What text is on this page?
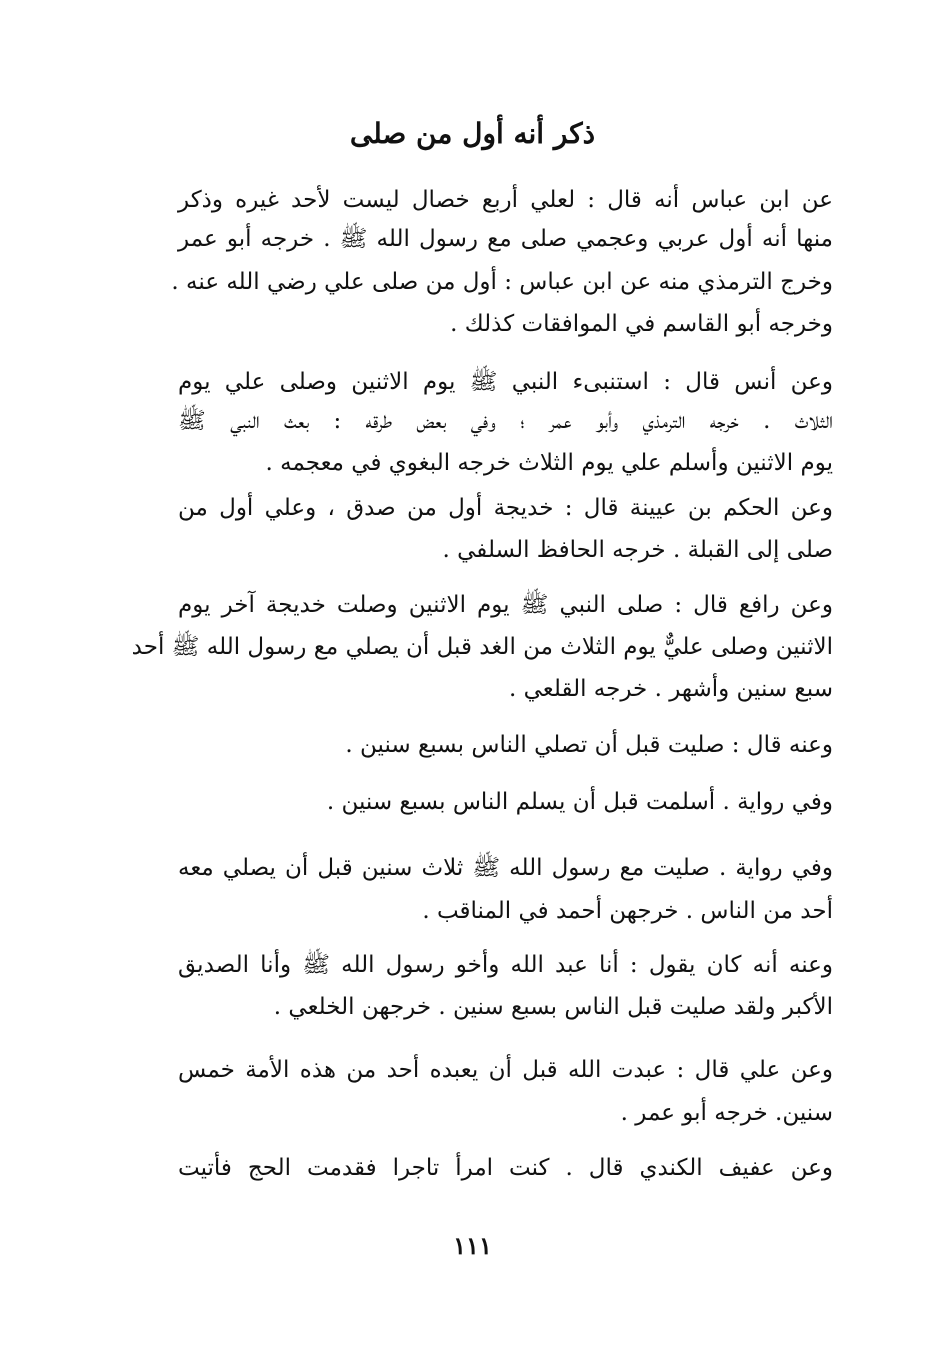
ذكر أنه أول من صلى

عن ابن عباس أنه قال : لعلي أربع خصال ليست لأحد غيره وذكر

منها أنه أول عربي وعجمي صلى مع رسول الله ﷺ . خرجه أبو عمر

وخرج الترمذي منه عن ابن عباس : أول من صلى علي رضي الله عنه .

وخرجه أبو القاسم في الموافقات كذلك .

وعن أنس قال : استنبىء النبي ﷺ يوم الاثنين وصلى علي يوم

الثلاث . خرجه الترمذي وأبو عمر ؛ وفي بعض طرقه : بعث النبي ﷺ

يوم الاثنين وأسلم علي يوم الثلاث خرجه البغوي في معجمه .

وعن الحكم بن عيينة قال : خديجة أول من صدق ، وعلي أول من

صلى إلى القبلة . خرجه الحافظ السلفي .

وعن رافع قال : صلى النبي ﷺ يوم الاثنين وصلت خديجة آخر يوم

الاثنين وصلى عليٌّ يوم الثلاث من الغد قبل أن يصلي مع رسول الله ﷺ أحد

سبع سنين وأشهر . خرجه القلعي .

وعنه قال : صليت قبل أن تصلي الناس بسبع سنين .

وفي رواية . أسلمت قبل أن يسلم الناس بسبع سنين .

وفي رواية . صليت مع رسول الله ﷺ ثلاث سنين قبل أن يصلي معه

أحد من الناس . خرجهن أحمد في المناقب .

وعنه أنه كان يقول : أنا عبد الله وأخو رسول الله ﷺ وأنا الصديق

الأكبر ولقد صليت قبل الناس بسبع سنين . خرجهن الخلعي .

وعن علي قال : عبدت الله قبل أن يعبده أحد من هذه الأمة خمس

سنين. خرجه أبو عمر .

وعن عفيف الكندي قال . كنت امرأ تاجرا فقدمت الحج فأتيت

١١١
